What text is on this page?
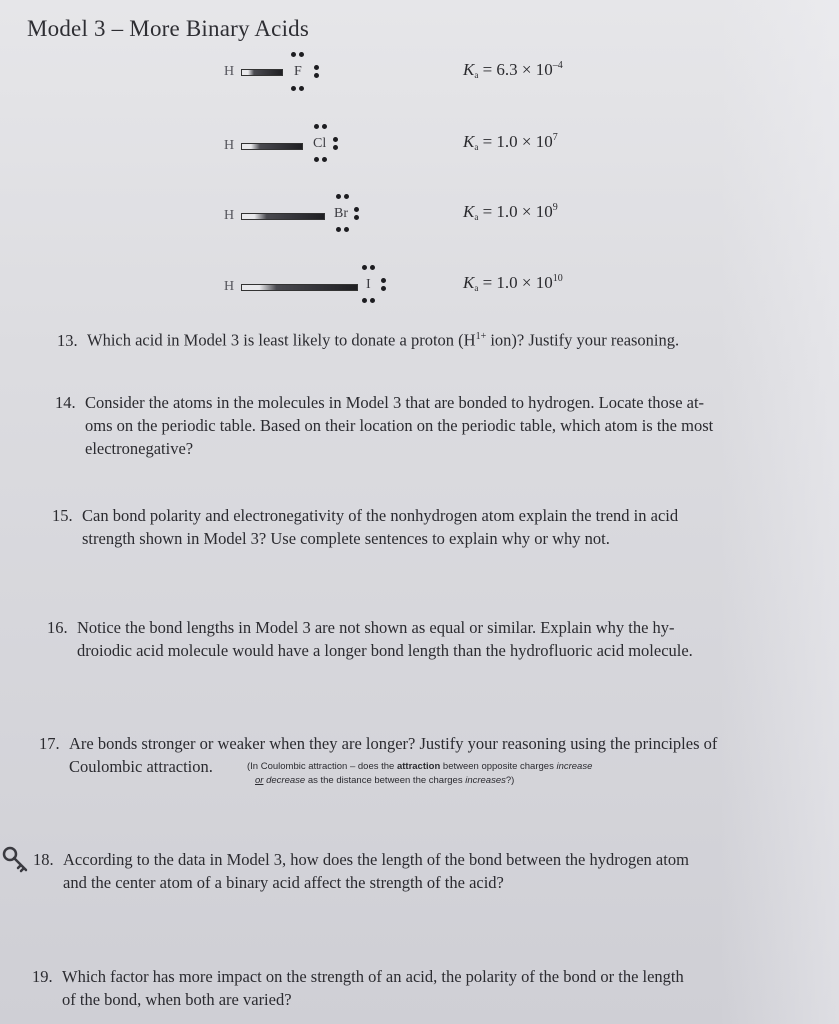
Model 3 – More Binary Acids
H	F	$K_a = 6.3 \times 10^{-4}$
H	Cl	$K_a = 1.0 \times 10^7$
H	Br	$K_a = 1.0 \times 10^9$
H	I	$K_a = 1.0 \times 10^{10}$
13. Which acid in Model 3 is least likely to donate a proton ($H^{1+}$ ion)? Justify your reasoning.
14. Consider the atoms in the molecules in Model 3 that are bonded to hydrogen. Locate those at-
oms on the periodic table. Based on their location on the periodic table, which atom is the most
electronegative?
15. Can bond polarity and electronegativity of the nonhydrogen atom explain the trend in acid
strength shown in Model 3? Use complete sentences to explain why or why not.
16. Notice the bond lengths in Model 3 are not shown as equal or similar. Explain why the hy-
droiodic acid molecule would have a longer bond length than the hydrofluoric acid molecule.
17. Are bonds stronger or weaker when they are longer? Justify your reasoning using the principles of
Coulombic attraction.	(In Coulombic attraction – does the attraction between opposite charges increase
or decrease as the distance between the charges increases?)
18. According to the data in Model 3, how does the length of the bond between the hydrogen atom
and the center atom of a binary acid affect the strength of the acid?
19. Which factor has more impact on the strength of an acid, the polarity of the bond or the length
of the bond, when both are varied?
